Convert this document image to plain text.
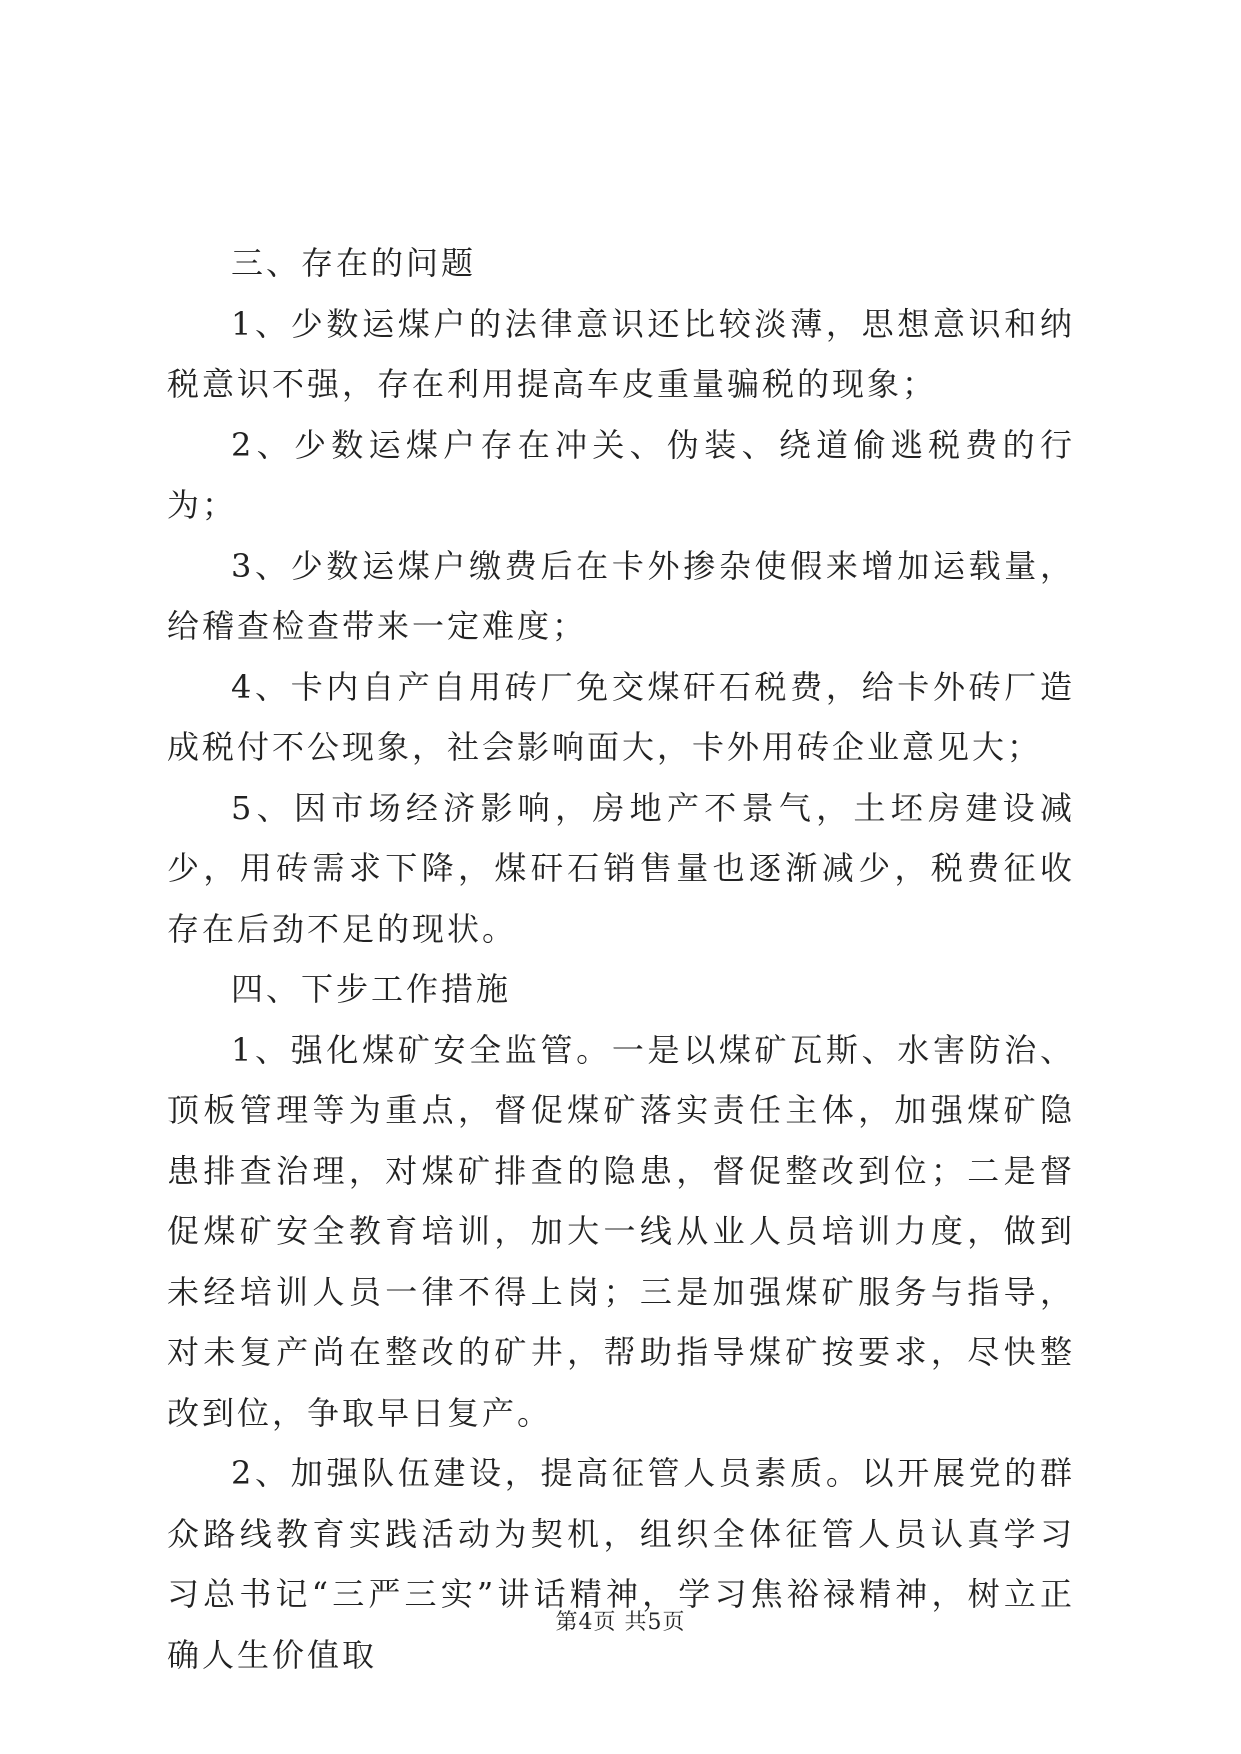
三、存在的问题

1、少数运煤户的法律意识还比较淡薄，思想意识和纳税意识不强，存在利用提高车皮重量骗税的现象；

2、少数运煤户存在冲关、伪装、绕道偷逃税费的行为；

3、少数运煤户缴费后在卡外掺杂使假来增加运载量，给稽查检查带来一定难度；

4、卡内自产自用砖厂免交煤矸石税费，给卡外砖厂造成税付不公现象，社会影响面大，卡外用砖企业意见大；

5、因市场经济影响，房地产不景气，土坯房建设减少，用砖需求下降，煤矸石销售量也逐渐减少，税费征收存在后劲不足的现状。

四、下步工作措施

1、强化煤矿安全监管。一是以煤矿瓦斯、水害防治、顶板管理等为重点，督促煤矿落实责任主体，加强煤矿隐患排查治理，对煤矿排查的隐患，督促整改到位；二是督促煤矿安全教育培训，加大一线从业人员培训力度，做到未经培训人员一律不得上岗；三是加强煤矿服务与指导，对未复产尚在整改的矿井，帮助指导煤矿按要求，尽快整改到位，争取早日复产。

2、加强队伍建设，提高征管人员素质。以开展党的群众路线教育实践活动为契机，组织全体征管人员认真学习习总书记“三严三实”讲话精神，学习焦裕禄精神，树立正确人生价值取

第4页 共5页
